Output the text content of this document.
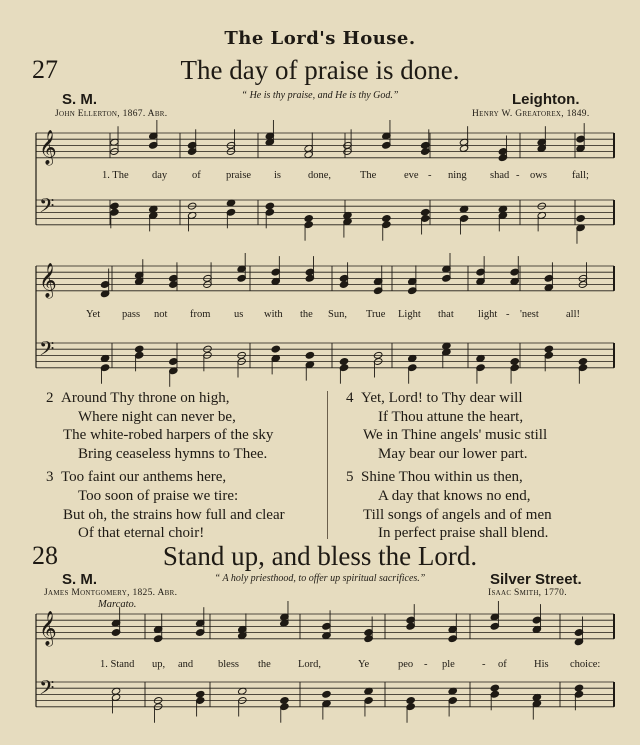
The Lord's House.
27	The day of praise is done.
S. M.	“ He is thy praise, and He is thy God.”	Leighton.
John Ellerton, 1867. Abr.	Henry W. Greatorex, 1849.
1. The day of praise is	done,	The	eve - ning shad - ows fall;
Yet pass not from us with the Sun, True Light that light - 'nest	all!
2 Around Thy throne on high,
Where night can never be,
The white-robed harpers of the sky
Bring ceaseless hymns to Thee.
3 Too faint our anthems here,
Too soon of praise we tire:
But oh, the strains how full and clear
Of that eternal choir!
4 Yet, Lord! to Thy dear will
If Thou attune the heart,
We in Thine angels' music still
May bear our lower part.
5 Shine Thou within us then,
A day that knows no end,
Till songs of angels and of men
In perfect praise shall blend.
28	Stand up, and bless the Lord.
S. M.	“ A holy priesthood, to offer up spiritual sacrifices.”	Silver Street.
James Montgomery, 1825. Abr.	Isaac Smith, 1770.
Marcato.
1. Stand up, and bless the	Lord,	Ye	peo - ple	- of	His choice:
𝄞
𝄢
𝄞
𝄢
𝄞
𝄢
